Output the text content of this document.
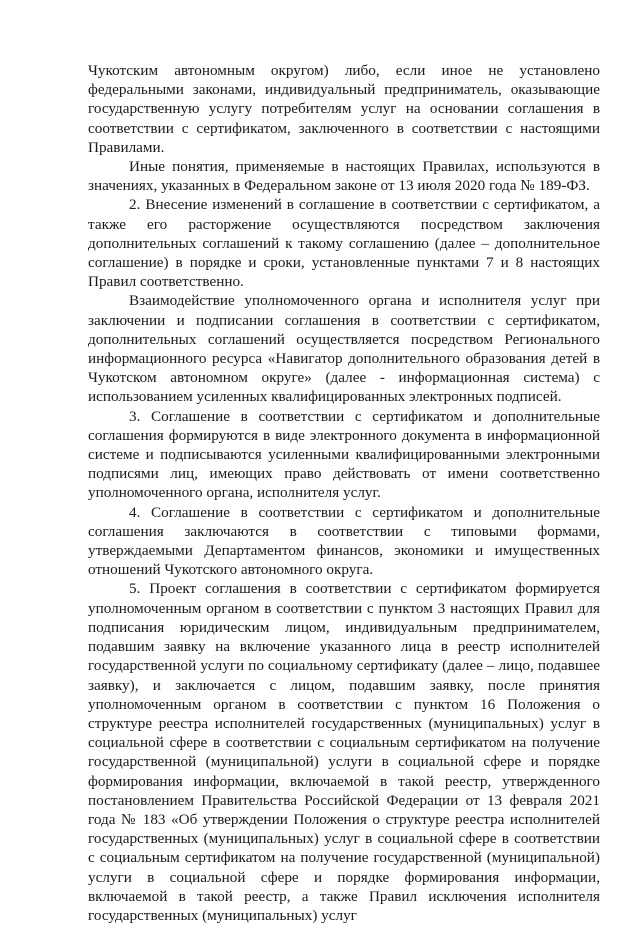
Чукотским автономным округом) либо, если иное не установлено федеральными законами, индивидуальный предприниматель, оказывающие государственную услугу потребителям услуг на основании соглашения в соответствии с сертификатом, заключенного в соответствии с настоящими Правилами.

Иные понятия, применяемые в настоящих Правилах, используются в значениях, указанных в Федеральном законе от 13 июля 2020 года № 189-ФЗ.

2. Внесение изменений в соглашение в соответствии с сертификатом, а также его расторжение осуществляются посредством заключения дополнительных соглашений к такому соглашению (далее – дополнительное соглашение) в порядке и сроки, установленные пунктами 7 и 8 настоящих Правил соответственно.

Взаимодействие уполномоченного органа и исполнителя услуг при заключении и подписании соглашения в соответствии с сертификатом, дополнительных соглашений осуществляется посредством Регионального информационного ресурса «Навигатор дополнительного образования детей в Чукотском автономном округе» (далее - информационная система) с использованием усиленных квалифицированных электронных подписей.

3. Соглашение в соответствии с сертификатом и дополнительные соглашения формируются в виде электронного документа в информационной системе и подписываются усиленными квалифицированными электронными подписями лиц, имеющих право действовать от имени соответственно уполномоченного органа, исполнителя услуг.

4. Соглашение в соответствии с сертификатом и дополнительные соглашения заключаются в соответствии с типовыми формами, утверждаемыми Департаментом финансов, экономики и имущественных отношений Чукотского автономного округа.

5. Проект соглашения в соответствии с сертификатом формируется уполномоченным органом в соответствии с пунктом 3 настоящих Правил для подписания юридическим лицом, индивидуальным предпринимателем, подавшим заявку на включение указанного лица в реестр исполнителей государственной услуги по социальному сертификату (далее – лицо, подавшее заявку), и заключается с лицом, подавшим заявку, после принятия уполномоченным органом в соответствии с пунктом 16 Положения о структуре реестра исполнителей государственных (муниципальных) услуг в социальной сфере в соответствии с социальным сертификатом на получение государственной (муниципальной) услуги в социальной сфере и порядке формирования информации, включаемой в такой реестр, утвержденного постановлением Правительства Российской Федерации от 13 февраля 2021 года № 183 «Об утверждении Положения о структуре реестра исполнителей государственных (муниципальных) услуг в социальной сфере в соответствии с социальным сертификатом на получение государственной (муниципальной) услуги в социальной сфере и порядке формирования информации, включаемой в такой реестр, а также Правил исключения исполнителя государственных (муниципальных) услуг
